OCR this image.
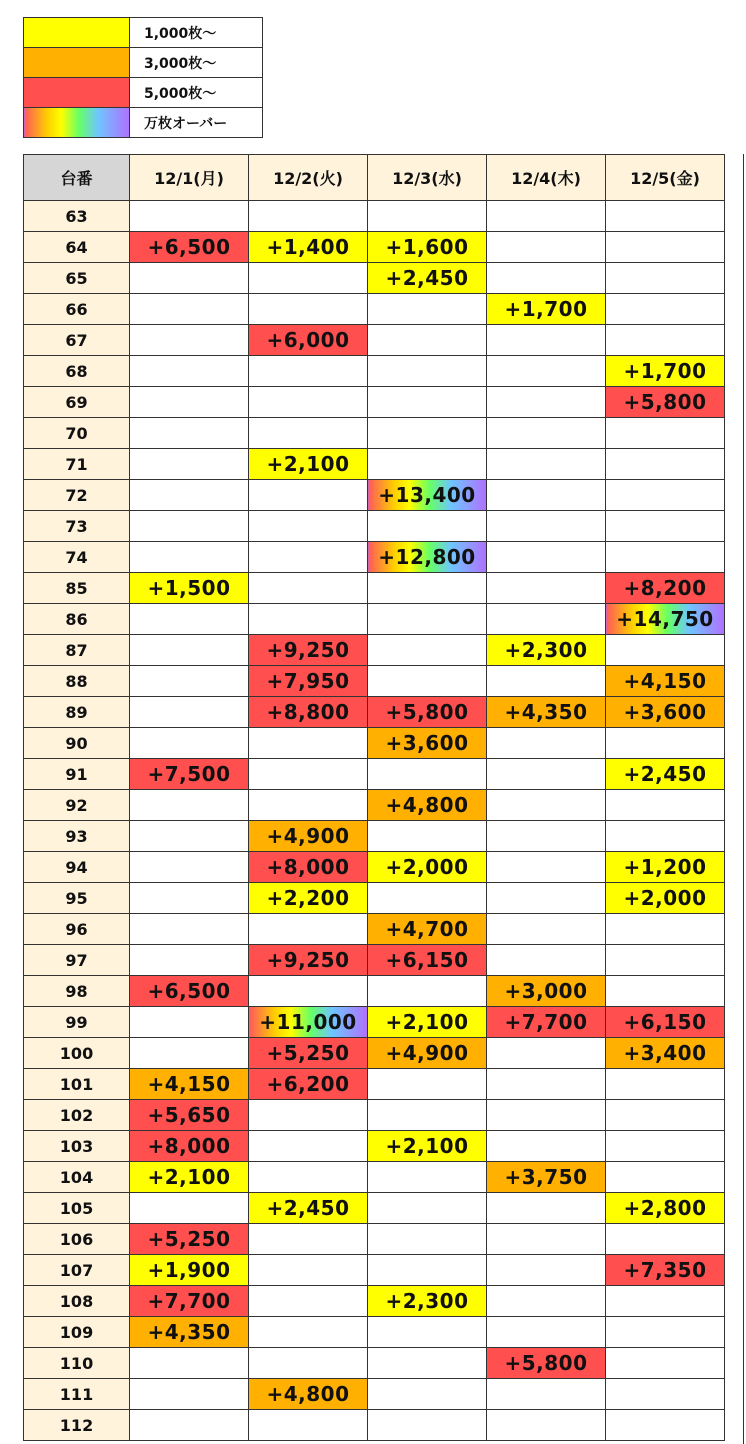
	1,000枚～
	3,000枚～
	5,000枚～
	万枚オーバー
台番	12/1(月)	12/2(火)	12/3(水)	12/4(木)	12/5(金)
63					
64	+6,500	+1,400	+1,600		
65			+2,450		
66				+1,700	
67		+6,000			
68					+1,700
69					+5,800
70					
71		+2,100			
72			+13,400		
73					
74			+12,800		
85	+1,500				+8,200
86					+14,750
87		+9,250		+2,300	
88		+7,950			+4,150
89		+8,800	+5,800	+4,350	+3,600
90			+3,600		
91	+7,500				+2,450
92			+4,800		
93		+4,900			
94		+8,000	+2,000		+1,200
95		+2,200			+2,000
96			+4,700		
97		+9,250	+6,150		
98	+6,500			+3,000	
99		+11,000	+2,100	+7,700	+6,150
100		+5,250	+4,900		+3,400
101	+4,150	+6,200			
102	+5,650				
103	+8,000		+2,100		
104	+2,100			+3,750	
105		+2,450			+2,800
106	+5,250				
107	+1,900				+7,350
108	+7,700		+2,300		
109	+4,350				
110				+5,800	
111		+4,800			
112					
